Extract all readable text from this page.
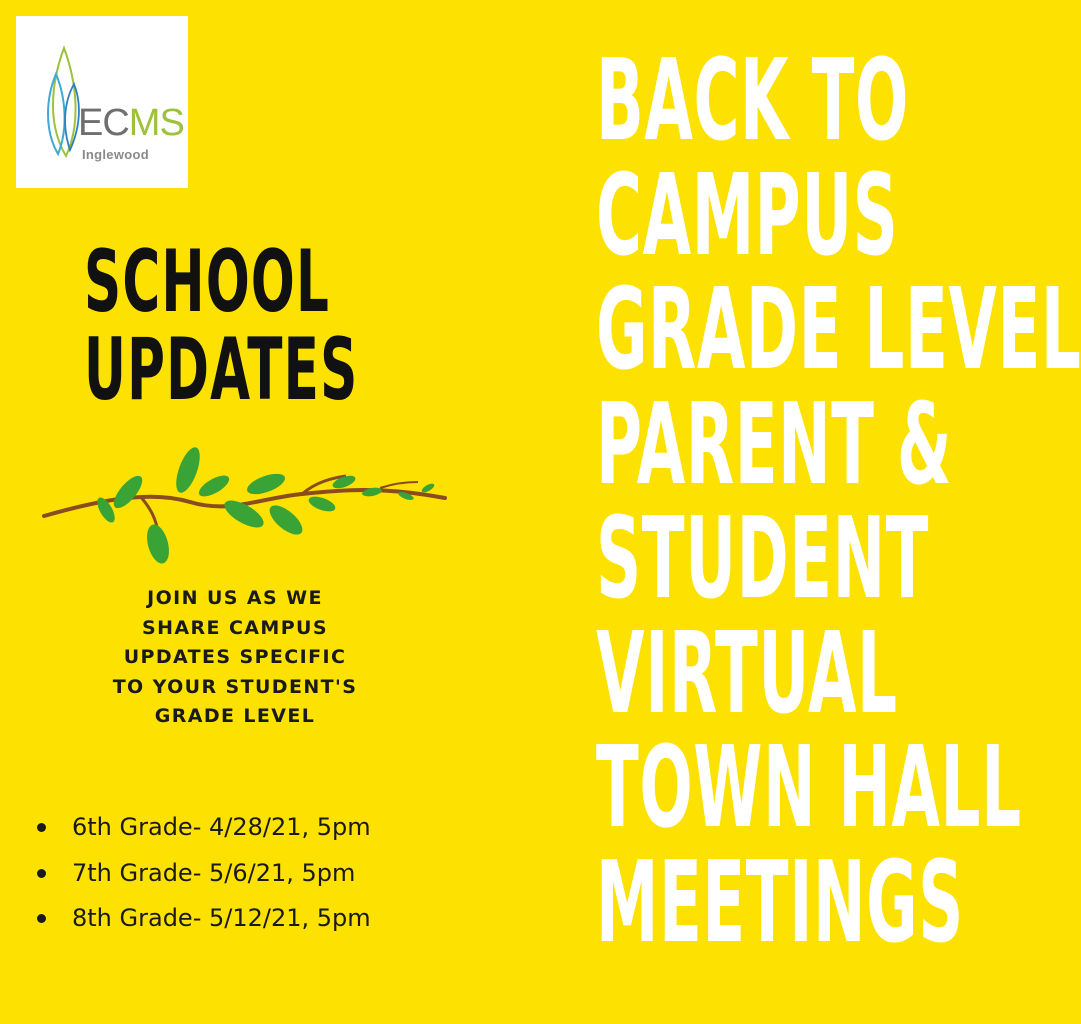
ECMS
Inglewood
SCHOOL
UPDATES
JOIN US AS WE
SHARE CAMPUS
UPDATES SPECIFIC
TO YOUR STUDENT'S
GRADE LEVEL
6th Grade- 4/28/21, 5pm
7th Grade- 5/6/21, 5pm
8th Grade- 5/12/21, 5pm
BACK TO
CAMPUS
GRADE LEVEL
PARENT &
STUDENT
VIRTUAL
TOWN HALL
MEETINGS
